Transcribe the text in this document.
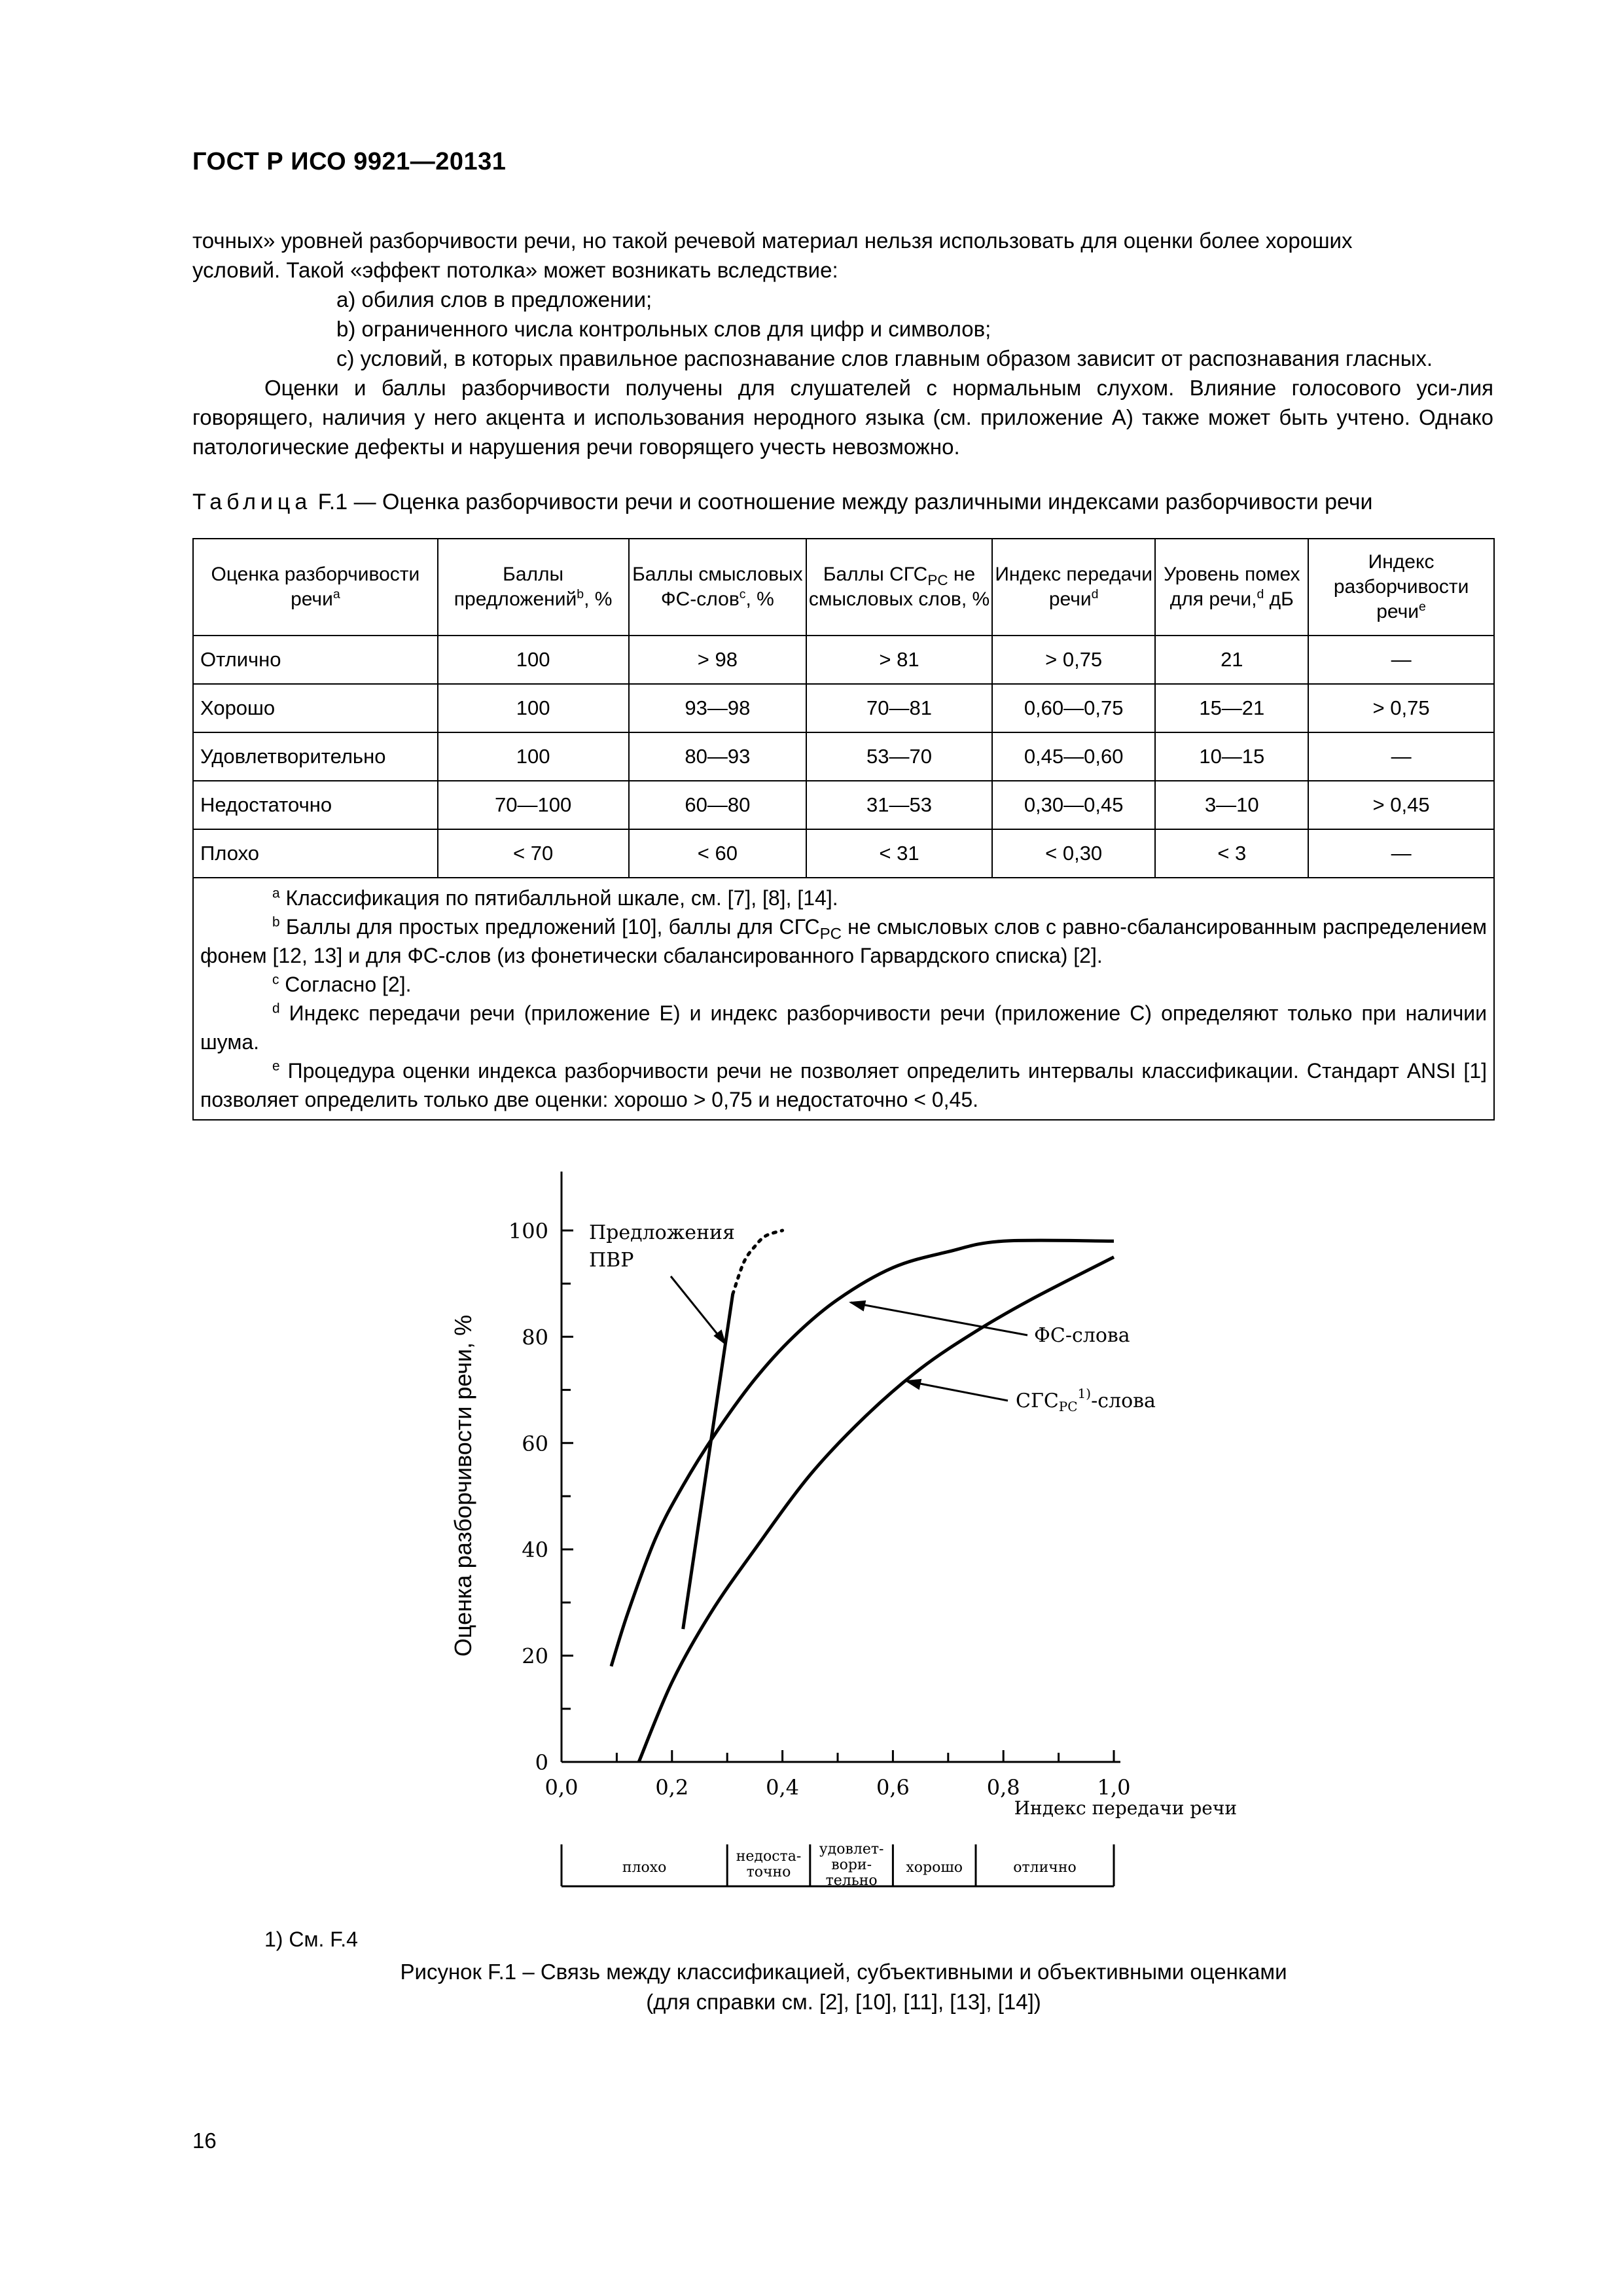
ГОСТ Р ИСО 9921—20131
точных» уровней разборчивости речи, но такой речевой материал нельзя использовать для оценки более хороших
условий. Такой «эффект потолка» может возникать вследствие:
a) обилия слов в предложении;
b) ограниченного числа контрольных слов для цифр и символов;
c) условий, в которых правильное распознавание слов главным образом зависит от распознавания гласных.
Оценки и баллы разборчивости получены для слушателей с нормальным слухом. Влияние голосового уси-лия говорящего, наличия у него акцента и использования неродного языка (см. приложение А) также может быть учтено. Однако патологические дефекты и нарушения речи говорящего учесть невозможно.
Таблица F.1 — Оценка разборчивости речи и соотношение между различными индексами разборчивости речи
Оценка разборчивости речи$^a$	Баллы предложений$^b$, %	Баллы смысловых ФС-слов$^c$, %	Баллы $СГС_{PC}$ не смысловых слов, %	Индекс передачи речи$^d$	Уровень помех для речи,$^d$ дБ	Индекс разборчивости речи$^e$
Отлично	100	> 98	> 81	> 0,75	21	—
Хорошо	100	93—98	70—81	0,60—0,75	15—21	> 0,75
Удовлетворительно	100	80—93	53—70	0,45—0,60	10—15	—
Недостаточно	70—100	60—80	31—53	0,30—0,45	3—10	> 0,45
Плохо	< 70	< 60	< 31	< 0,30	< 3	—

$^a$ Классификация по пятибалльной шкале, см. [7], [8], [14].
$^b$ Баллы для простых предложений [10], баллы для $СГС_{PC}$ не смысловых слов с равно-сбалансированным распределением фонем [12, 13] и для ФС-слов (из фонетически сбалансированного Гарвардского списка) [2].
$^c$ Согласно [2].
$^d$ Индекс передачи речи (приложение E) и индекс разборчивости речи (приложение C) определяют только при наличии шума.
$^e$ Процедура оценки индекса разборчивости речи не позволяет определить интервалы классификации. Стандарт ANSI [1] позволяет определить только две оценки: хорошо > 0,75 и недостаточно < 0,45.						
0
20
40
60
80
100
0,0	0,2	0,4	0,6	0,8	1,0
Оценка разборчивости речи, %
Индекс передачи речи
Предложения
ПВР
ФС-слова
$СГС_{PC}^{1)}$-слова
плохо
недоста-
точно
удовлет-
вори-
тельно
хорошо	отлично
1) См. F.4
Рисунок F.1 – Связь между классификацией, субъективными и объективными оценками
(для справки см. [2], [10], [11], [13], [14])
16
